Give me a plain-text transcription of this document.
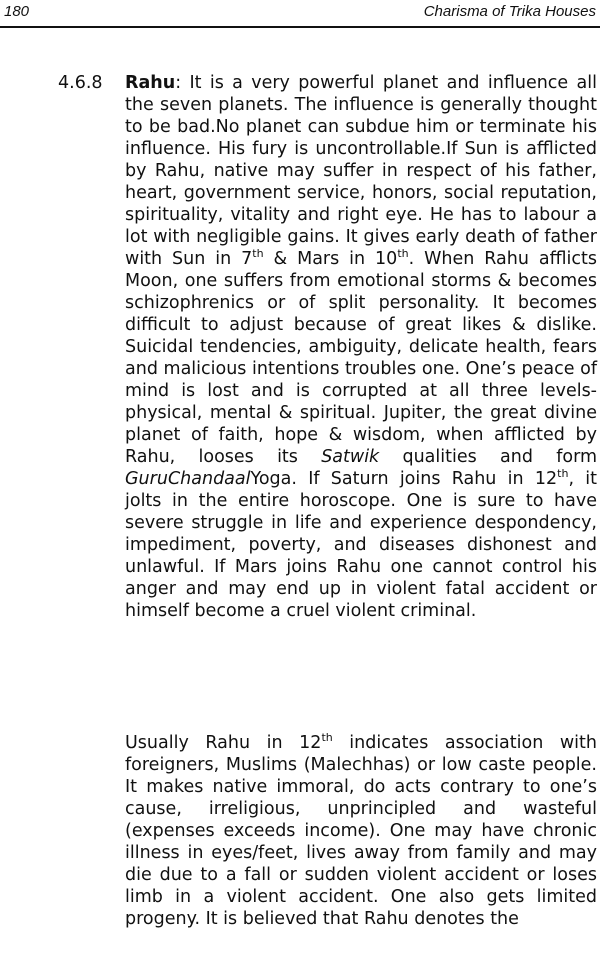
180	Charisma of Trika Houses
4.6.8 Rahu: It is a very powerful planet and influence all the seven planets. The influence is generally thought to be bad.No planet can subdue him or terminate his influence. His fury is uncontrollable.If Sun is afflicted by Rahu, native may suffer in respect of his father, heart, government service, honors, social reputation, spirituality, vitality and right eye. He has to labour a lot with negligible gains. It gives early death of father with Sun in 7th & Mars in 10th. When Rahu afflicts Moon, one suffers from emotional storms & becomes schizophrenics or of split personality. It becomes difficult to adjust because of great likes & dislike. Suicidal tendencies, ambiguity, delicate health, fears and malicious intentions troubles one. One’s peace of mind is lost and is corrupted at all three levels-physical, mental & spiritual. Jupiter, the great divine planet of faith, hope & wisdom, when afflicted by Rahu, looses its Satwik qualities and form GuruChandaalYoga. If Saturn joins Rahu in 12th, it jolts in the entire horoscope. One is sure to have severe struggle in life and experience despondency, impediment, poverty, and diseases dishonest and unlawful. If Mars joins Rahu one cannot control his anger and may end up in violent fatal accident or himself become a cruel violent criminal.
Usually Rahu in 12th indicates association with foreigners, Muslims (Malechhas) or low caste people. It makes native immoral, do acts contrary to one’s cause, irreligious, unprincipled and wasteful (expenses exceeds income). One may have chronic illness in eyes/feet, lives away from family and may die due to a fall or sudden violent accident or loses limb in a violent accident. One also gets limited progeny. It is believed that Rahu denotes the
